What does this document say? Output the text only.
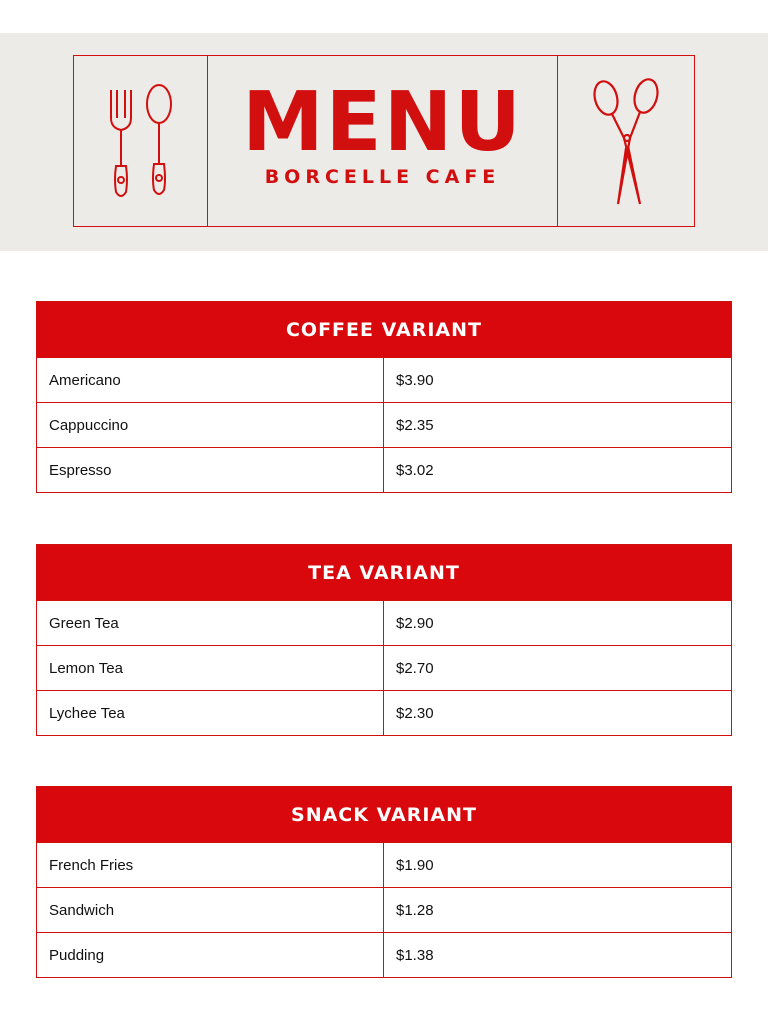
MENU
BORCELLE CAFE
COFFEE VARIANT
Americano	$3.90
Cappuccino	$2.35
Espresso	$3.02
TEA VARIANT
Green Tea	$2.90
Lemon Tea	$2.70
Lychee Tea	$2.30
SNACK VARIANT
French Fries	$1.90
Sandwich	$1.28
Pudding	$1.38
